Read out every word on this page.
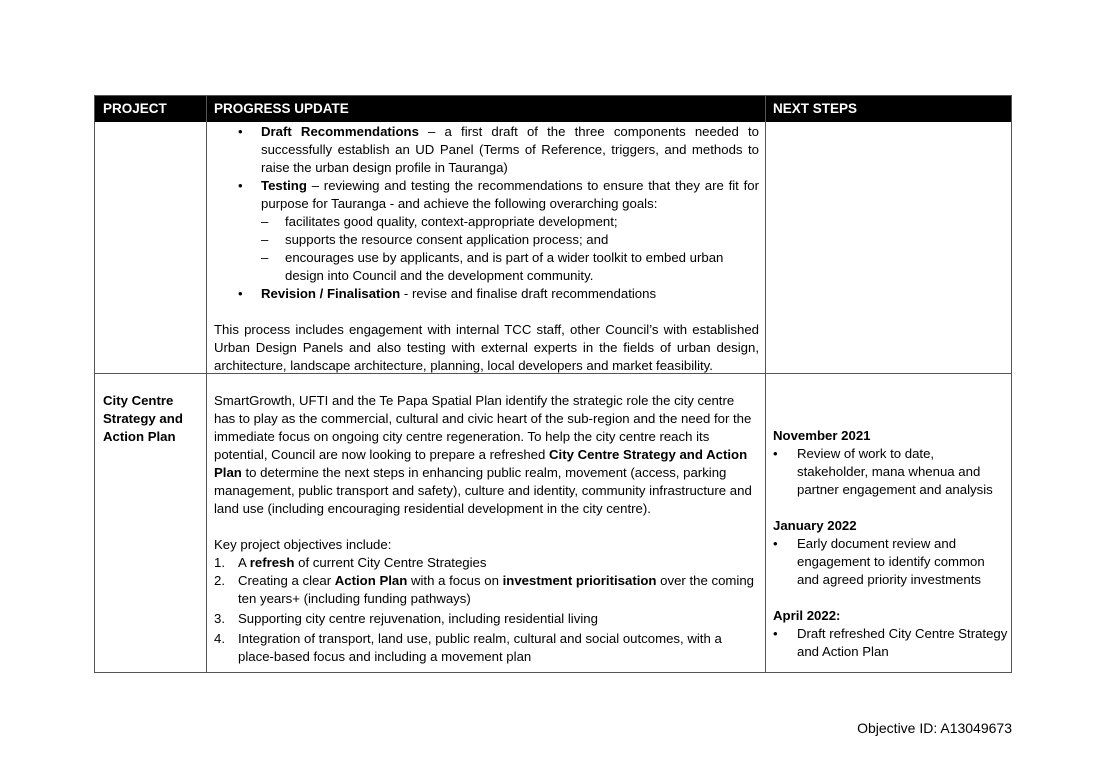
PROJECT	PROGRESS UPDATE	NEXT STEPS
• Draft Recommendations – a first draft of the three components needed to successfully establish an UD Panel (Terms of Reference, triggers, and methods to raise the urban design profile in Tauranga)
• Testing – reviewing and testing the recommendations to ensure that they are fit for purpose for Tauranga - and achieve the following overarching goals:
– facilitates good quality, context-appropriate development;
– supports the resource consent application process; and
– encourages use by applicants, and is part of a wider toolkit to embed urban design into Council and the development community.
• Revision / Finalisation - revise and finalise draft recommendations
This process includes engagement with internal TCC staff, other Council’s with established Urban Design Panels and also testing with external experts in the fields of urban design, architecture, landscape architecture, planning, local developers and market feasibility.
City Centre Strategy and Action Plan
SmartGrowth, UFTI and the Te Papa Spatial Plan identify the strategic role the city centre has to play as the commercial, cultural and civic heart of the sub-region and the need for the immediate focus on ongoing city centre regeneration. To help the city centre reach its potential, Council are now looking to prepare a refreshed City Centre Strategy and Action Plan to determine the next steps in enhancing public realm, movement (access, parking management, public transport and safety), culture and identity, community infrastructure and land use (including encouraging residential development in the city centre).
Key project objectives include:
1. A refresh of current City Centre Strategies
2. Creating a clear Action Plan with a focus on investment prioritisation over the coming ten years+ (including funding pathways)
3. Supporting city centre rejuvenation, including residential living
4. Integration of transport, land use, public realm, cultural and social outcomes, with a place-based focus and including a movement plan
November 2021
• Review of work to date, stakeholder, mana whenua and partner engagement and analysis
January 2022
• Early document review and engagement to identify common and agreed priority investments
April 2022:
• Draft refreshed City Centre Strategy and Action Plan
Objective ID: A13049673
